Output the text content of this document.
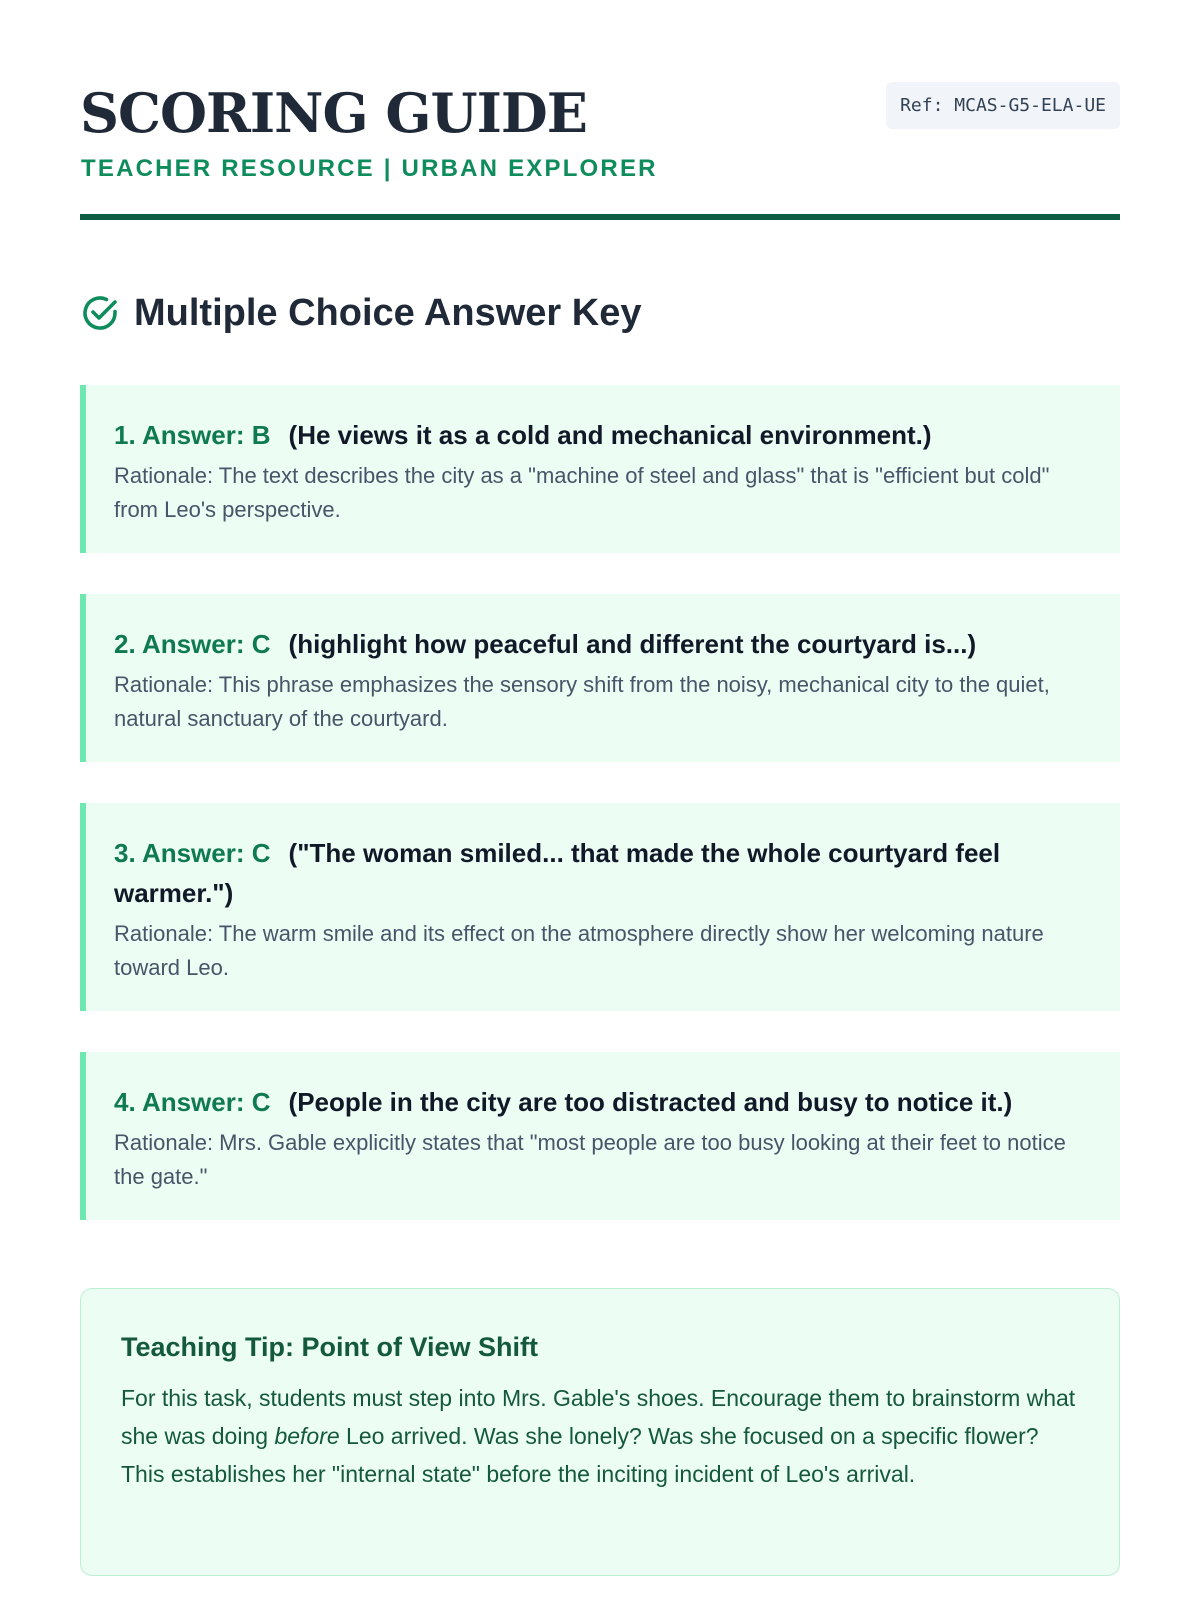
SCORING GUIDE
TEACHER RESOURCE | URBAN EXPLORER
Ref: MCAS-G5-ELA-UE
Multiple Choice Answer Key
1. Answer: B (He views it as a cold and mechanical environment.)
Rationale: The text describes the city as a "machine of steel and glass" that is "efficient but cold" from Leo's perspective.
2. Answer: C (highlight how peaceful and different the courtyard is...)
Rationale: This phrase emphasizes the sensory shift from the noisy, mechanical city to the quiet, natural sanctuary of the courtyard.
3. Answer: C ("The woman smiled... that made the whole courtyard feel warmer.")
Rationale: The warm smile and its effect on the atmosphere directly show her welcoming nature toward Leo.
4. Answer: C (People in the city are too distracted and busy to notice it.)
Rationale: Mrs. Gable explicitly states that "most people are too busy looking at their feet to notice the gate."
Teaching Tip: Point of View Shift
For this task, students must step into Mrs. Gable's shoes. Encourage them to brainstorm what she was doing before Leo arrived. Was she lonely? Was she focused on a specific flower? This establishes her "internal state" before the inciting incident of Leo's arrival.
